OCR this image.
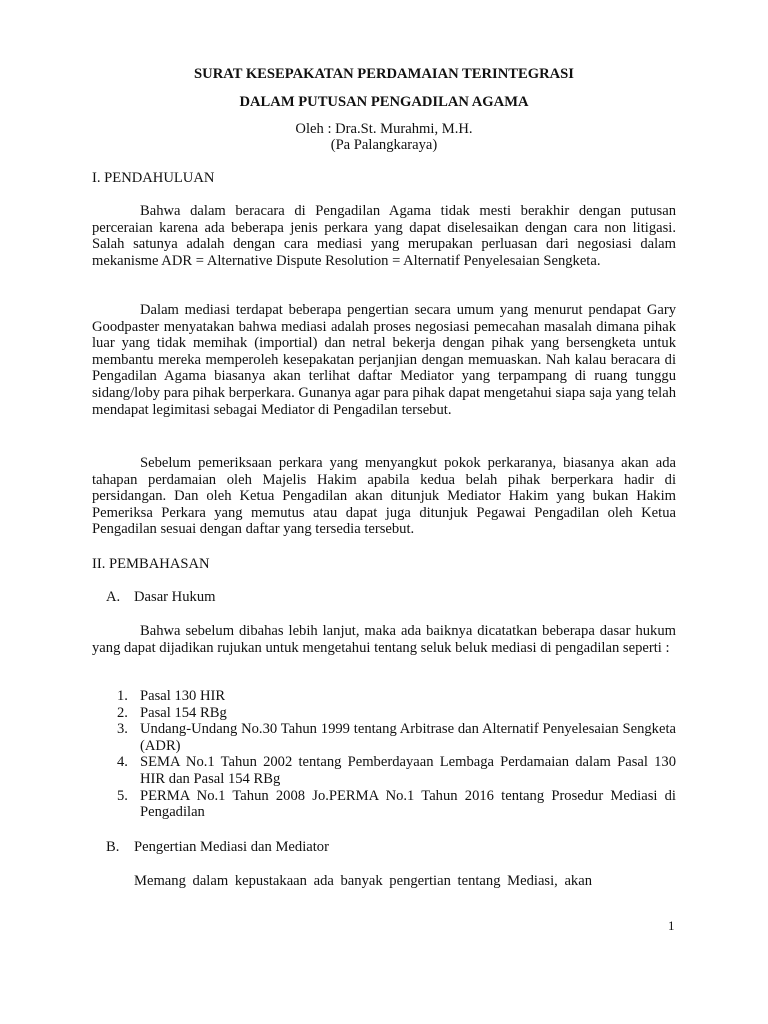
SURAT KESEPAKATAN PERDAMAIAN TERINTEGRASI
DALAM PUTUSAN PENGADILAN AGAMA
Oleh : Dra.St. Murahmi, M.H.
(Pa Palangkaraya)
I. PENDAHULUAN

Bahwa dalam beracara di Pengadilan Agama tidak mesti berakhir dengan putusan perceraian karena ada beberapa jenis perkara yang dapat diselesaikan dengan cara non litigasi. Salah satunya adalah dengan cara mediasi yang merupakan perluasan dari negosiasi dalam mekanisme ADR = Alternative Dispute Resolution = Alternatif Penyelesaian Sengketa.

Dalam mediasi terdapat beberapa pengertian secara umum yang menurut pendapat Gary Goodpaster menyatakan bahwa mediasi adalah proses negosiasi pemecahan masalah dimana pihak luar yang tidak memihak (importial) dan netral bekerja dengan pihak yang bersengketa untuk membantu mereka memperoleh kesepakatan perjanjian dengan memuaskan. Nah kalau beracara di Pengadilan Agama biasanya akan terlihat daftar Mediator yang terpampang di ruang tunggu sidang/loby para pihak berperkara. Gunanya agar para pihak dapat mengetahui siapa saja yang telah mendapat legimitasi sebagai Mediator di Pengadilan tersebut.

Sebelum pemeriksaan perkara yang menyangkut pokok perkaranya, biasanya akan ada tahapan perdamaian oleh Majelis Hakim apabila kedua belah pihak berperkara hadir di persidangan. Dan oleh Ketua Pengadilan akan ditunjuk Mediator Hakim yang bukan Hakim Pemeriksa Perkara yang memutus atau dapat juga ditunjuk Pegawai Pengadilan oleh Ketua Pengadilan sesuai dengan daftar yang tersedia tersebut.

II. PEMBAHASAN
A. Dasar Hukum

Bahwa sebelum dibahas lebih lanjut, maka ada baiknya dicatatkan beberapa dasar hukum yang dapat dijadikan rujukan untuk mengetahui tentang seluk beluk mediasi di pengadilan seperti :

1. Pasal 130 HIR
2. Pasal 154 RBg
3. Undang-Undang No.30 Tahun 1999 tentang Arbitrase dan Alternatif Penyelesaian Sengketa (ADR)
4. SEMA No.1 Tahun 2002 tentang Pemberdayaan Lembaga Perdamaian dalam Pasal 130 HIR dan Pasal 154 RBg
5. PERMA No.1 Tahun 2008 Jo.PERMA No.1 Tahun 2016 tentang Prosedur Mediasi di Pengadilan
B. Pengertian Mediasi dan Mediator
Memang dalam kepustakaan ada banyak pengertian tentang Mediasi, akan
1
